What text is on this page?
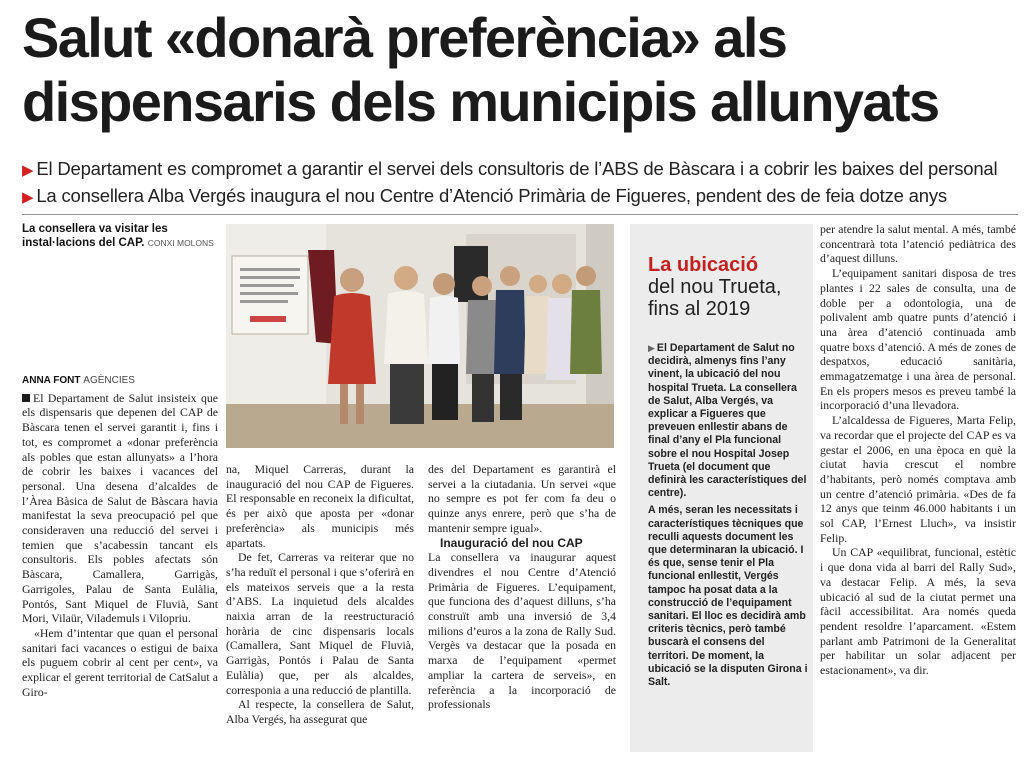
Salut «donarà preferència» als
dispensaris dels municipis allunyats
▶ El Departament es compromet a garantir el servei dels consultoris de l’ABS de Bàscara i a cobrir les baixes del personal
▶ La consellera Alba Vergés inaugura el nou Centre d’Atenció Primària de Figueres, pendent des de feia dotze anys
La consellera va visitar les instal·lacions del CAP. CONXI MOLONS
ANNA FONT AGÈNCIES

El Departament de Salut insisteix que els dispensaris que depenen del CAP de Bàscara tenen el servei garantit i, fins i tot, es compromet a «donar preferència als pobles que estan allunyats» a l’hora de cobrir les baixes i vacances del personal. Una desena d’alcaldes de l’Àrea Bàsica de Salut de Bàscara havia manifestat la seva preocupació pel que consideraven una reducció del servei i temien que s’acabessin tancant els consultoris. Els pobles afectats són Bàscara, Camallera, Garrigàs, Garrigoles, Palau de Santa Eulàlia, Pontós, Sant Miquel de Fluvià, Sant Mori, Vilaür, Vilademuls i Vilopriu.

«Hem d’intentar que quan el personal sanitari faci vacances o estigui de baixa els puguem cobrir al cent per cent», va explicar el gerent territorial de CatSalut a Giro-

na, Miquel Carreras, durant la inauguració del nou CAP de Figueres. El responsable en reconeix la dificultat, és per això que aposta per «donar preferència» als municipis més apartats.

De fet, Carreras va reiterar que no s’ha reduït el personal i que s’oferirà en els mateixos serveis que a la resta d’ABS. La inquietud dels alcaldes naixia arran de la reestructuració horària de cinc dispensaris locals (Camallera, Sant Miquel de Fluvià, Garrigàs, Pontós i Palau de Santa Eulàlia) que, per als alcaldes, corresponia a una reducció de plantilla.

Al respecte, la consellera de Salut, Alba Vergés, ha assegurat que

des del Departament es garantirà el servei a la ciutadania. Un servei «que no sempre es pot fer com fa deu o quinze anys enrere, però que s’ha de mantenir sempre igual».

Inauguració del nou CAP

La consellera va inaugurar aquest divendres el nou Centre d’Atenció Primària de Figueres. L’equipament, que funciona des d’aquest dilluns, s’ha construït amb una inversió de 3,4 milions d’euros a la zona de Rally Sud. Vergès va destacar que la posada en marxa de l’equipament «permet ampliar la cartera de serveis», en referència a la incorporació de professionals

La ubicació
del nou Trueta, fins al 2019

▶ El Departament de Salut no decidirà, almenys fins l’any vinent, la ubicació del nou hospital Trueta. La consellera de Salut, Alba Vergés, va explicar a Figueres que preveuen enllestir abans de final d’any el Pla funcional sobre el nou Hospital Josep Trueta (el document que definirà les característiques del centre).

A més, seran les necessitats i característiques tècniques que reculli aquests document les que determinaran la ubicació. I és que, sense tenir el Pla funcional enllestit, Vergés tampoc ha posat data a la construcció de l’equipament sanitari. El lloc es decidirà amb criteris tècnics, però també buscarà el consens del territori. De moment, la ubicació se la disputen Girona i Salt.

per atendre la salut mental. A més, també concentrarà tota l’atenció pediàtrica des d’aquest dilluns.

L’equipament sanitari disposa de tres plantes i 22 sales de consulta, una de doble per a odontologia, una de polivalent amb quatre punts d’atenció i una àrea d’atenció continuada amb quatre boxs d’atenció. A més de zones de despatxos, educació sanitària, emmagatzematge i una àrea de personal. En els propers mesos es preveu també la incorporació d’una llevadora.

L’alcaldessa de Figueres, Marta Felip, va recordar que el projecte del CAP es va gestar el 2006, en una època en què la ciutat havia crescut el nombre d’habitants, però només comptava amb un centre d’atenció primària. «Des de fa 12 anys que teinm 46.000 habitants i un sol CAP, l’Ernest Lluch», va insistir Felip.

Un CAP «equilibrat, funcional, estètic i que dona vida al barri del Rally Sud», va destacar Felip. A més, la seva ubicació al sud de la ciutat permet una fàcil accessibilitat. Ara només queda pendent resoldre l’aparcament. «Estem parlant amb Patrimoni de la Generalitat per habilitar un solar adjacent per estacionament», va dir.
